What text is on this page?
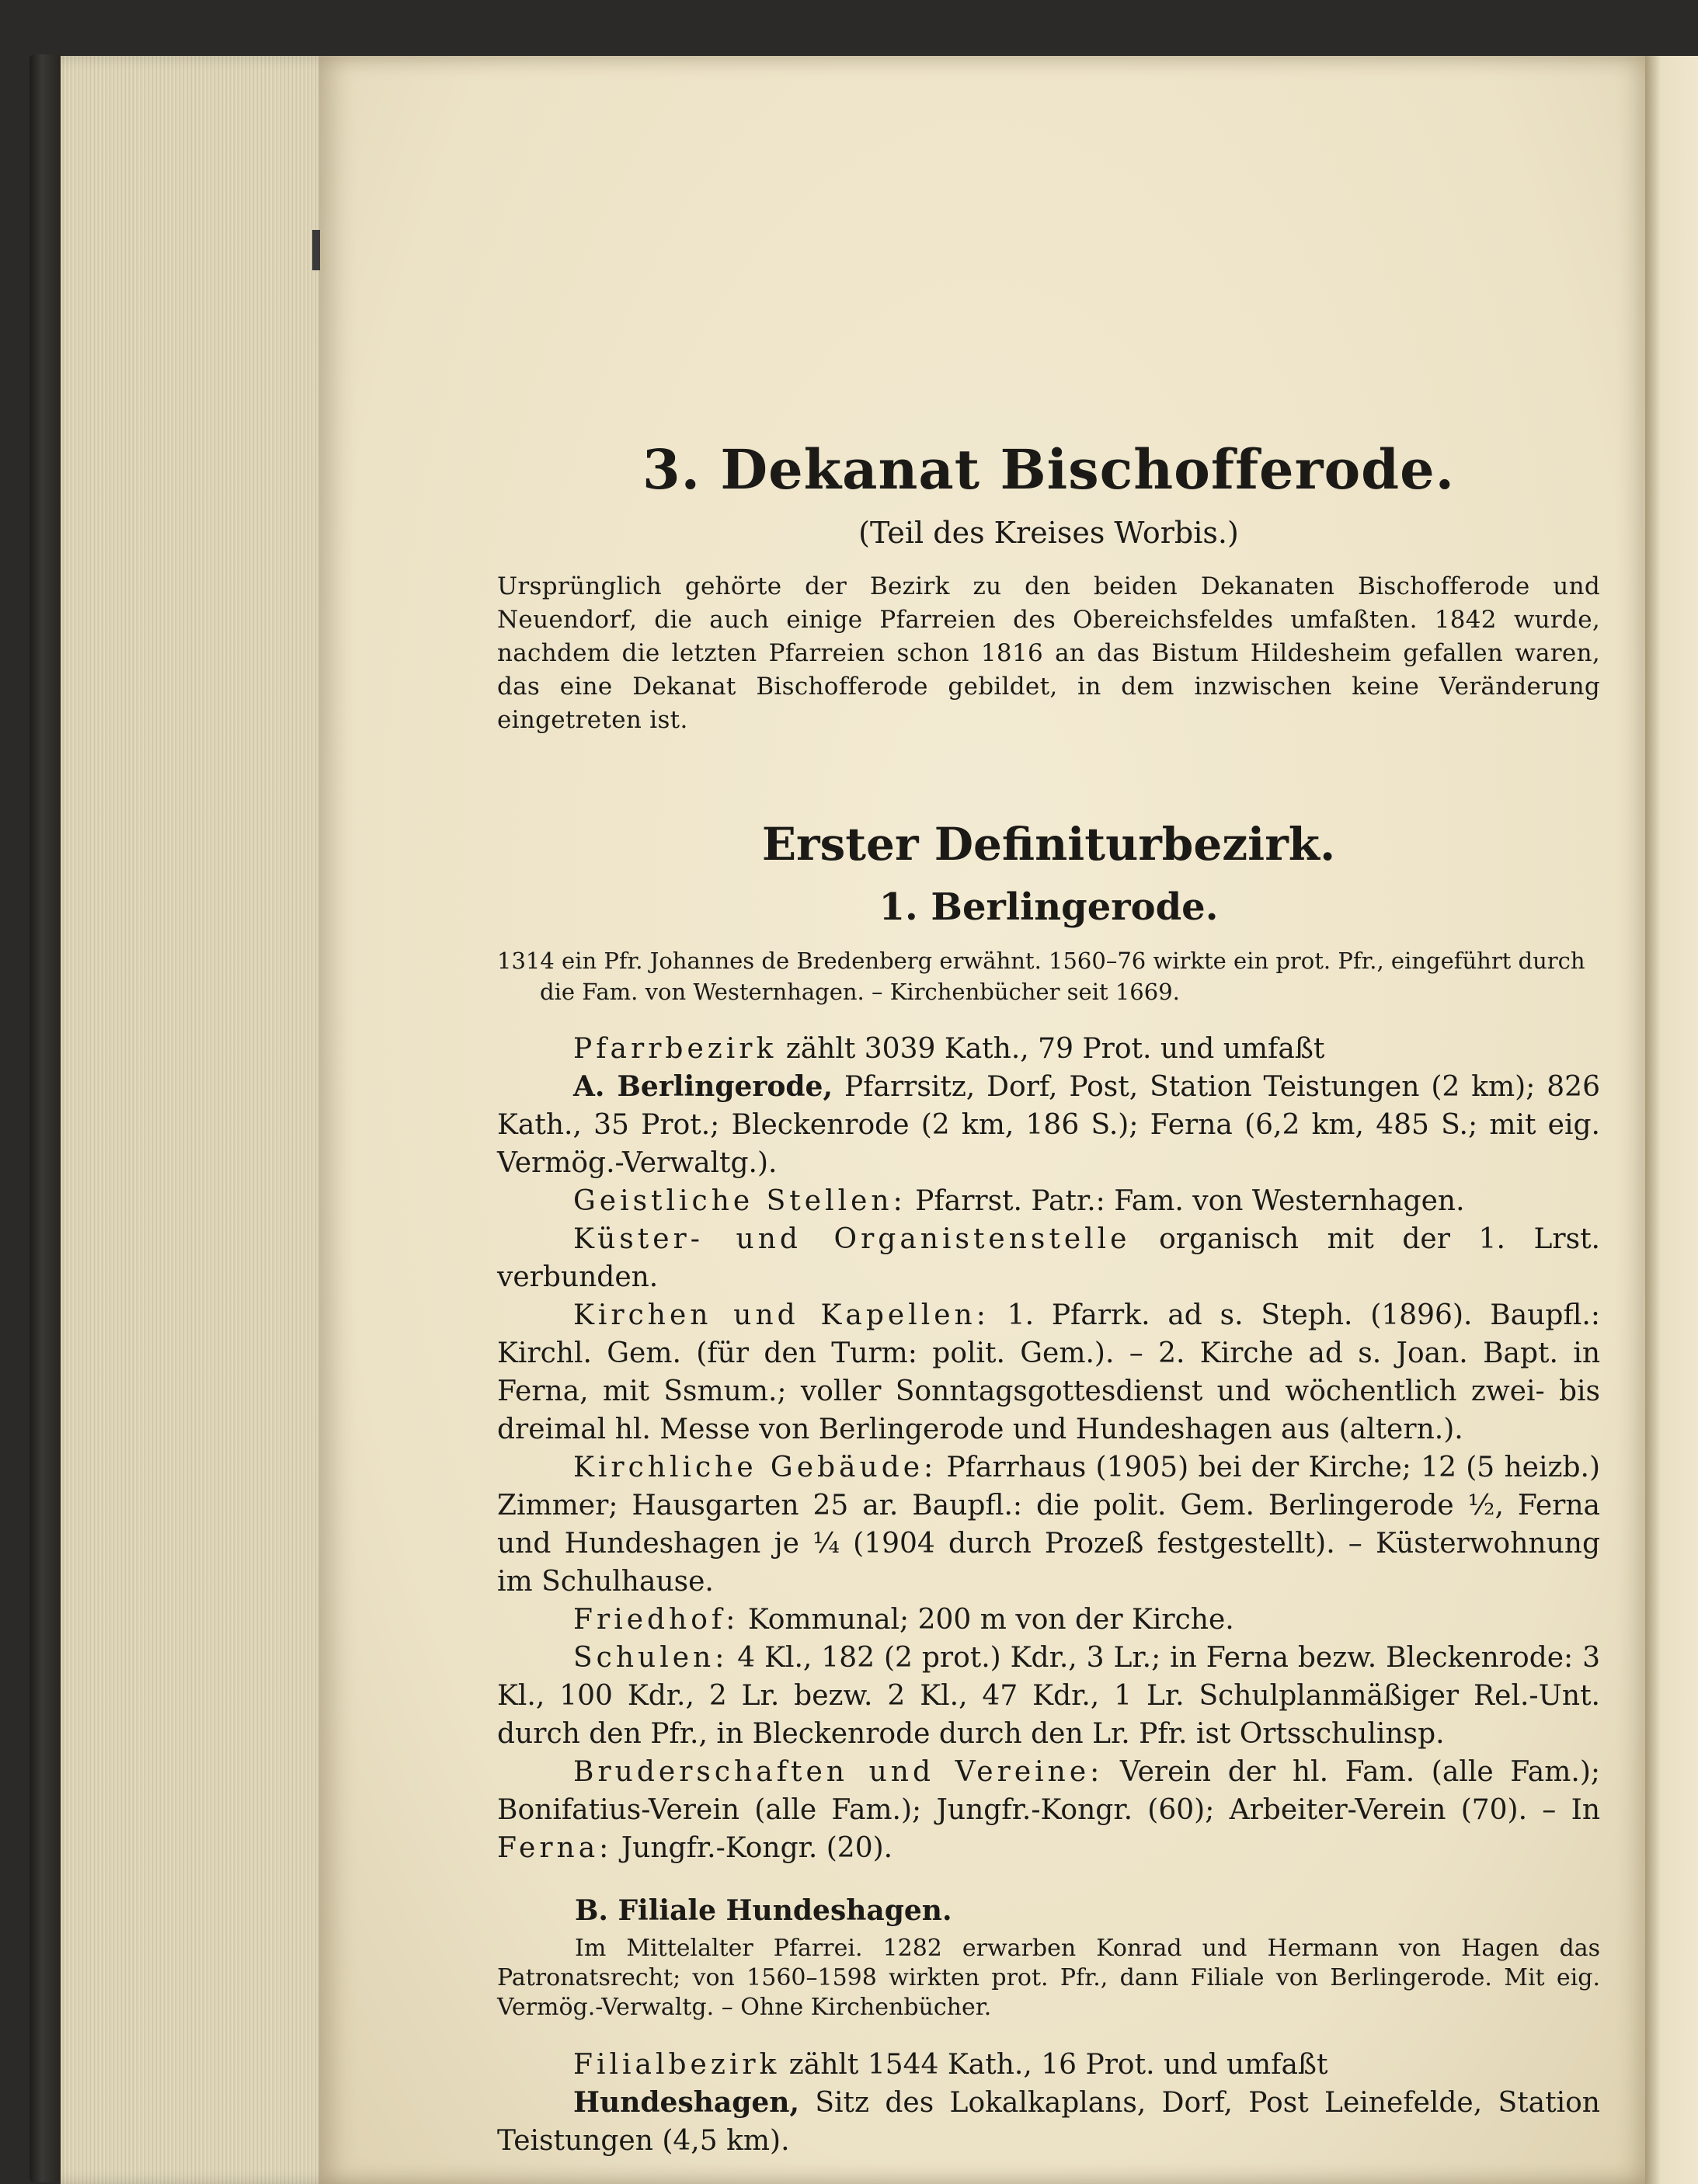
3. Dekanat Bischofferode.
(Teil des Kreises Worbis.)

Ursprünglich gehörte der Bezirk zu den beiden Dekanaten Bischofferode und Neuendorf, die auch einige Pfarreien des Obereichsfeldes umfaßten. 1842 wurde, nachdem die letzten Pfarreien schon 1816 an das Bistum Hildesheim gefallen waren, das eine Dekanat Bischofferode gebildet, in dem inzwischen keine Veränderung eingetreten ist.

Erster Definiturbezirk.
1. Berlingerode.

1314 ein Pfr. Johannes de Bredenberg erwähnt. 1560–76 wirkte ein prot. Pfr., eingeführt durch die Fam. von Westernhagen. – Kirchenbücher seit 1669.

Pfarrbezirk zählt 3039 Kath., 79 Prot. und umfaßt

A. Berlingerode, Pfarrsitz, Dorf, Post, Station Teistungen (2 km); 826 Kath., 35 Prot.; Bleckenrode (2 km, 186 S.); Ferna (6,2 km, 485 S.; mit eig. Vermög.-Verwaltg.).

Geistliche Stellen: Pfarrst. Patr.: Fam. von Westernhagen.

Küster- und Organistenstelle organisch mit der 1. Lrst. verbunden.

Kirchen und Kapellen: 1. Pfarrk. ad s. Steph. (1896). Baupfl.: Kirchl. Gem. (für den Turm: polit. Gem.). – 2. Kirche ad s. Joan. Bapt. in Ferna, mit Ssmum.; voller Sonntagsgottesdienst und wöchentlich zwei- bis dreimal hl. Messe von Berlingerode und Hundeshagen aus (altern.).

Kirchliche Gebäude: Pfarrhaus (1905) bei der Kirche; 12 (5 heizb.) Zimmer; Hausgarten 25 ar. Baupfl.: die polit. Gem. Berlingerode ½, Ferna und Hundeshagen je ¼ (1904 durch Prozeß festgestellt). – Küsterwohnung im Schulhause.

Friedhof: Kommunal; 200 m von der Kirche.

Schulen: 4 Kl., 182 (2 prot.) Kdr., 3 Lr.; in Ferna bezw. Bleckenrode: 3 Kl., 100 Kdr., 2 Lr. bezw. 2 Kl., 47 Kdr., 1 Lr. Schulplanmäßiger Rel.-Unt. durch den Pfr., in Bleckenrode durch den Lr. Pfr. ist Ortsschulinsp.

Bruderschaften und Vereine: Verein der hl. Fam. (alle Fam.); Bonifatius-Verein (alle Fam.); Jungfr.-Kongr. (60); Arbeiter-Verein (70). – In Ferna: Jungfr.-Kongr. (20).

B. Filiale Hundeshagen.

Im Mittelalter Pfarrei. 1282 erwarben Konrad und Hermann von Hagen das Patronatsrecht; von 1560–1598 wirkten prot. Pfr., dann Filiale von Berlingerode. Mit eig. Vermög.-Verwaltg. – Ohne Kirchenbücher.

Filialbezirk zählt 1544 Kath., 16 Prot. und umfaßt

Hundeshagen, Sitz des Lokalkaplans, Dorf, Post Leinefelde, Station Teistungen (4,5 km).
